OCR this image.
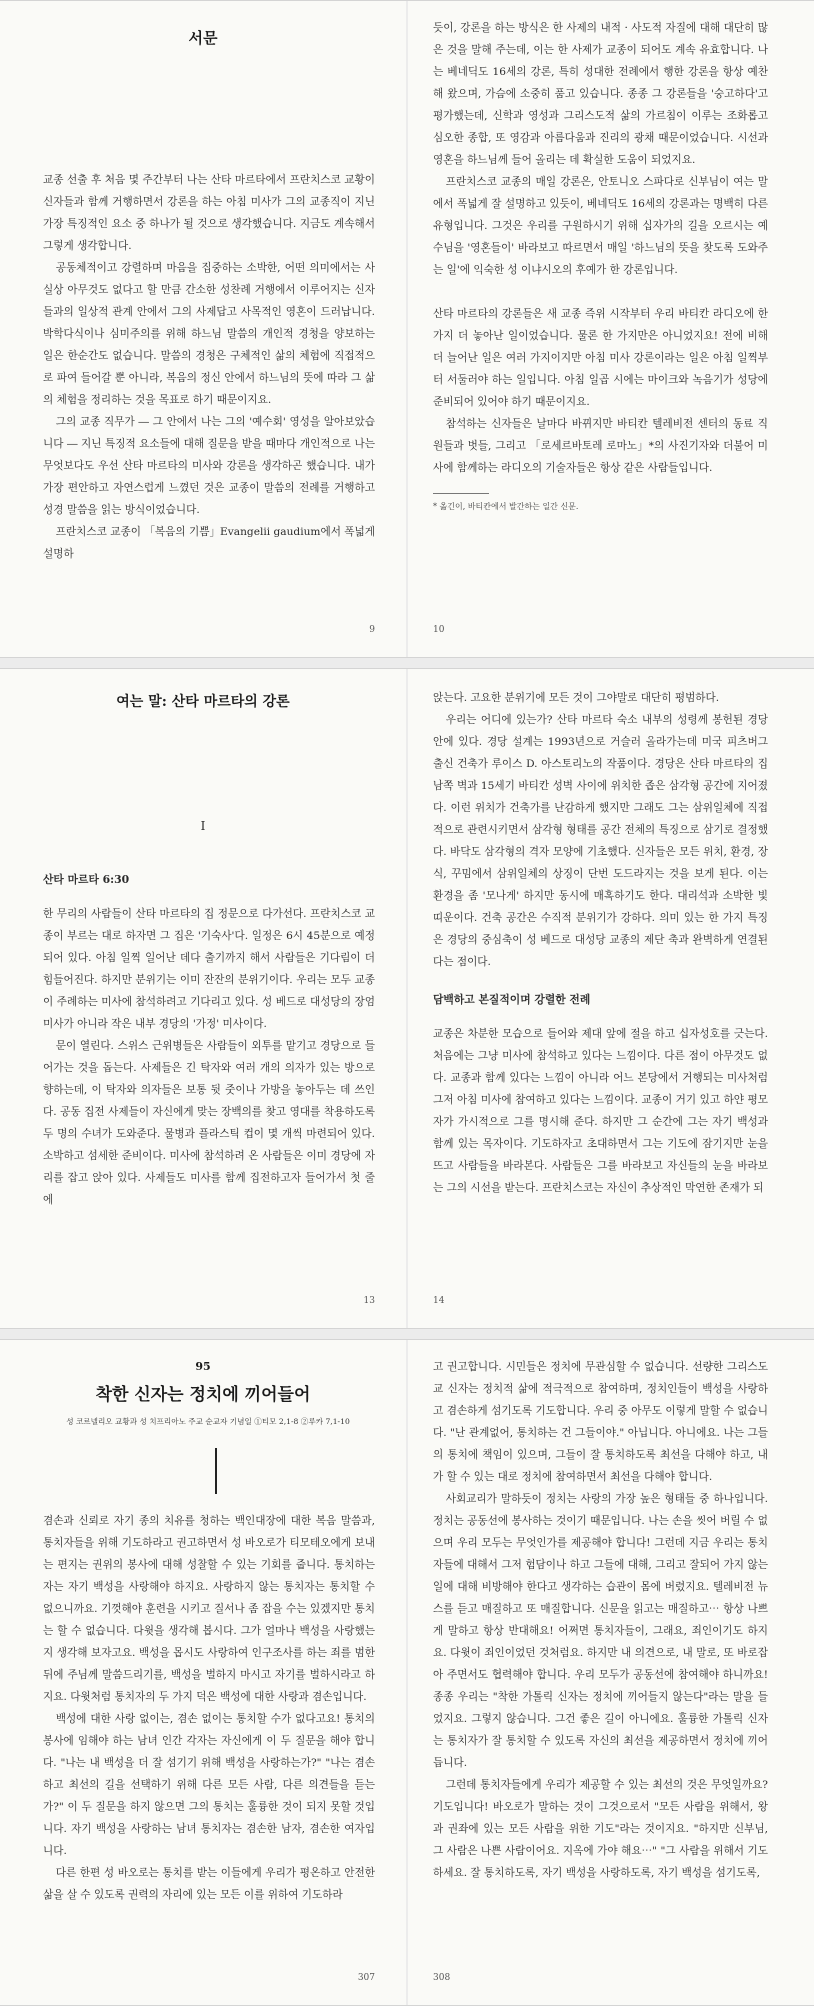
서문

교종 선출 후 처음 몇 주간부터 나는 산타 마르타에서 프란치스코 교황이 신자들과 함께 거행하면서 강론을 하는 아침 미사가 그의 교종직이 지닌 가장 특징적인 요소 중 하나가 될 것으로 생각했습니다. 지금도 계속해서 그렇게 생각합니다.

공동체적이고 강렬하며 마음을 집중하는 소박한, 어떤 의미에서는 사실상 아무것도 없다고 할 만큼 간소한 성찬례 거행에서 이루어지는 신자들과의 일상적 관계 안에서 그의 사제답고 사목적인 영혼이 드러납니다. 박학다식이나 심미주의를 위해 하느님 말씀의 개인적 경청을 양보하는 일은 한순간도 없습니다. 말씀의 경청은 구체적인 삶의 체험에 직접적으로 파여 들어갈 뿐 아니라, 복음의 정신 안에서 하느님의 뜻에 따라 그 삶의 체험을 정리하는 것을 목표로 하기 때문이지요.

그의 교종 직무가 ― 그 안에서 나는 그의 '예수회' 영성을 알아보았습니다 ― 지닌 특징적 요소들에 대해 질문을 받을 때마다 개인적으로 나는 무엇보다도 우선 산타 마르타의 미사와 강론을 생각하곤 했습니다. 내가 가장 편안하고 자연스럽게 느꼈던 것은 교종이 말씀의 전례를 거행하고 성경 말씀을 읽는 방식이었습니다.

프란치스코 교종이 「복음의 기쁨」Evangelii gaudium에서 폭넓게 설명하

9

듯이, 강론을 하는 방식은 한 사제의 내적 · 사도적 자질에 대해 대단히 많은 것을 말해 주는데, 이는 한 사제가 교종이 되어도 계속 유효합니다. 나는 베네딕도 16세의 강론, 특히 성대한 전례에서 행한 강론을 항상 예찬해 왔으며, 가슴에 소중히 품고 있습니다. 종종 그 강론들을 '숭고하다'고 평가했는데, 신학과 영성과 그리스도적 삶의 가르침이 이루는 조화롭고 심오한 종합, 또 영감과 아름다움과 진리의 광채 때문이었습니다. 시선과 영혼을 하느님께 들어 올리는 데 확실한 도움이 되었지요.

프란치스코 교종의 매일 강론은, 안토니오 스파다로 신부님이 여는 말에서 폭넓게 잘 설명하고 있듯이, 베네딕도 16세의 강론과는 명백히 다른 유형입니다. 그것은 우리를 구원하시기 위해 십자가의 길을 오르시는 예수님을 '영혼들이' 바라보고 따르면서 매일 '하느님의 뜻을 찾도록 도와주는 일'에 익숙한 성 이냐시오의 후예가 한 강론입니다.

산타 마르타의 강론들은 새 교종 즉위 시작부터 우리 바티칸 라디오에 한가지 더 놓아난 일이었습니다. 물론 한 가지만은 아니었지요! 전에 비해 더 늘어난 일은 여러 가지이지만 아침 미사 강론이라는 일은 아침 일찍부터 서둘러야 하는 일입니다. 아침 일곱 시에는 마이크와 녹음기가 성당에 준비되어 있어야 하기 때문이지요.

참석하는 신자들은 날마다 바뀌지만 바티칸 텔레비전 센터의 동료 직원들과 벗들, 그리고 「로세르바토레 로마노」*의 사진기자와 더불어 미사에 함께하는 라디오의 기술자들은 항상 같은 사람들입니다.

* 옮긴이, 바티칸에서 발간하는 일간 신문.
10
여는 말: 산타 마르타의 강론
I
산타 마르타 6:30

한 무리의 사람들이 산타 마르타의 집 정문으로 다가선다. 프란치스코 교종이 부르는 대로 하자면 그 집은 '기숙사'다. 일정은 6시 45분으로 예정되어 있다. 아침 일찍 일어난 데다 출기까지 해서 사람들은 기다림이 더 힘들어진다. 하지만 분위기는 이미 잔잔의 분위기이다. 우리는 모두 교종이 주례하는 미사에 참석하려고 기다리고 있다. 성 베드로 대성당의 장엄미사가 아니라 작은 내부 경당의 '가정' 미사이다.

문이 열린다. 스위스 근위병들은 사람들이 외투를 맡기고 경당으로 들어가는 것을 돕는다. 사제들은 긴 탁자와 여러 개의 의자가 있는 방으로 향하는데, 이 탁자와 의자들은 보통 뒷 줏이나 가방을 놓아두는 데 쓰인다. 공동 집전 사제들이 자신에게 맞는 장백의를 찾고 영대를 착용하도록 두 명의 수녀가 도와준다. 물병과 플라스틱 컵이 몇 개씩 마련되어 있다. 소박하고 섬세한 준비이다. 미사에 참석하려 온 사람들은 이미 경당에 자리를 잡고 앉아 있다. 사제들도 미사를 함께 집전하고자 들어가서 첫 줄에

13

앉는다. 고요한 분위기에 모든 것이 그야말로 대단히 평범하다.

우리는 어디에 있는가? 산타 마르타 숙소 내부의 성령께 봉헌된 경당 안에 있다. 경당 설계는 1993년으로 거슬러 올라가는데 미국 피츠버그 출신 건축가 루이스 D. 아스토리노의 작품이다. 경당은 산타 마르타의 집 남쪽 벽과 15세기 바티칸 성벽 사이에 위치한 좁은 삼각형 공간에 지어졌다. 이런 위치가 건축가를 난감하게 했지만 그래도 그는 삼위일체에 직접적으로 관련시키면서 삼각형 형태를 공간 전체의 특징으로 삼기로 결정했다. 바닥도 삼각형의 격자 모양에 기초했다. 신자들은 모든 위치, 환경, 장식, 꾸밈에서 삼위일체의 상징이 단번 도드라지는 것을 보게 된다. 이는 환경을 좀 '모나게' 하지만 동시에 매혹하기도 한다. 대리석과 소박한 빛 띠운이다. 건축 공간은 수직적 분위기가 강하다. 의미 있는 한 가지 특징은 경당의 중심축이 성 베드로 대성당 교종의 제단 축과 완벽하게 연결된다는 점이다.

담백하고 본질적이며 강렬한 전례

교종은 차분한 모습으로 들어와 제대 앞에 절을 하고 십자성호를 긋는다. 처음에는 그냥 미사에 참석하고 있다는 느낌이다. 다른 점이 아무것도 없다. 교종과 함께 있다는 느낌이 아니라 어느 본당에서 거행되는 미사처럼 그저 아침 미사에 참여하고 있다는 느낌이다. 교종이 거기 있고 하얀 평모자가 가시적으로 그를 명시해 준다. 하지만 그 순간에 그는 자기 백성과 함께 있는 목자이다. 기도하자고 초대하면서 그는 기도에 잠기지만 눈을 뜨고 사람들을 바라본다. 사람들은 그를 바라보고 자신들의 눈을 바라보는 그의 시선을 받는다. 프란치스코는 자신이 추상적인 막연한 존재가 되

14
95
착한 신자는 정치에 끼어들어
성 코르넬리오 교황과 성 치프리아노 주교 순교자 기념일 ①티모 2,1-8 ②루카 7,1-10

겸손과 신뢰로 자기 종의 치유를 청하는 백인대장에 대한 복음 말씀과, 통치자들을 위해 기도하라고 권고하면서 성 바오로가 티모테오에게 보내는 편지는 권위의 봉사에 대해 성찰할 수 있는 기회를 줍니다. 통치하는 자는 자기 백성을 사랑해야 하지요. 사랑하지 않는 통치자는 통치할 수 없으니까요. 기껏해야 훈련을 시키고 질서나 좀 잡을 수는 있겠지만 통치는 할 수 없습니다. 다윗을 생각해 봅시다. 그가 얼마나 백성을 사랑했는지 생각해 보자고요. 백성을 몹시도 사랑하여 인구조사를 하는 죄를 범한 뒤에 주님께 말씀드리기를, 백성을 벌하지 마시고 자기를 벌하시라고 하지요. 다윗처럼 통치자의 두 가지 덕은 백성에 대한 사랑과 겸손입니다.

백성에 대한 사랑 없이는, 겸손 없이는 통치할 수가 없다고요! 통치의 봉사에 임해야 하는 남녀 인간 각자는 자신에게 이 두 질문을 해야 합니다. "나는 내 백성을 더 잘 섬기기 위해 백성을 사랑하는가?" "나는 겸손하고 최선의 길을 선택하기 위해 다른 모든 사람, 다른 의견들을 듣는가?" 이 두 질문을 하지 않으면 그의 통치는 훌륭한 것이 되지 못할 것입니다. 자기 백성을 사랑하는 남녀 통치자는 겸손한 남자, 겸손한 여자입니다.

다른 한편 성 바오로는 통치를 받는 이들에게 우리가 평온하고 안전한 삶을 살 수 있도록 권력의 자리에 있는 모든 이를 위하여 기도하라

307

고 권고합니다. 시민들은 정치에 무관심할 수 없습니다. 선량한 그리스도교 신자는 정치적 삶에 적극적으로 참여하며, 정치인들이 백성을 사랑하고 겸손하게 섬기도록 기도합니다. 우리 중 아무도 이렇게 말할 수 없습니다. "난 관계없어, 통치하는 건 그들이야." 아닙니다. 아니에요. 나는 그들의 통치에 책임이 있으며, 그들이 잘 통치하도록 최선을 다해야 하고, 내가 할 수 있는 대로 정치에 참여하면서 최선을 다해야 합니다.

사회교리가 말하듯이 정치는 사랑의 가장 높은 형태들 중 하나입니다. 정치는 공동선에 봉사하는 것이기 때문입니다. 나는 손을 씻어 버릴 수 없으며 우리 모두는 무엇인가를 제공해야 합니다! 그런데 지금 우리는 통치자들에 대해서 그저 험담이나 하고 그들에 대해, 그리고 잘되어 가지 않는 일에 대해 비방해야 한다고 생각하는 습관이 몸에 버렸지요. 텔레비전 뉴스를 듣고 매질하고 또 매질합니다. 신문을 읽고는 매질하고⋯ 항상 나쁘게 말하고 항상 반대해요! 어쩌면 통치자들이, 그래요, 죄인이기도 하지요. 다윗이 죄인이었던 것처럼요. 하지만 내 의견으로, 내 말로, 또 바로잡아 주면서도 협력해야 합니다. 우리 모두가 공동선에 참여해야 하니까요! 종종 우리는 "착한 가톨릭 신자는 정치에 끼어들지 않는다"라는 말을 들었지요. 그렇지 않습니다. 그건 좋은 길이 아니에요. 훌륭한 가톨릭 신자는 통치자가 잘 통치할 수 있도록 자신의 최선을 제공하면서 정치에 끼어듭니다.

그런데 통치자들에게 우리가 제공할 수 있는 최선의 것은 무엇일까요? 기도입니다! 바오로가 말하는 것이 그것으로서 "모든 사람을 위해서, 왕과 권좌에 있는 모든 사람을 위한 기도"라는 것이지요. "하지만 신부님, 그 사람은 나쁜 사람이어요. 지옥에 가야 해요⋯" "그 사람을 위해서 기도하세요. 잘 통치하도록, 자기 백성을 사랑하도록, 자기 백성을 섬기도록,

308
